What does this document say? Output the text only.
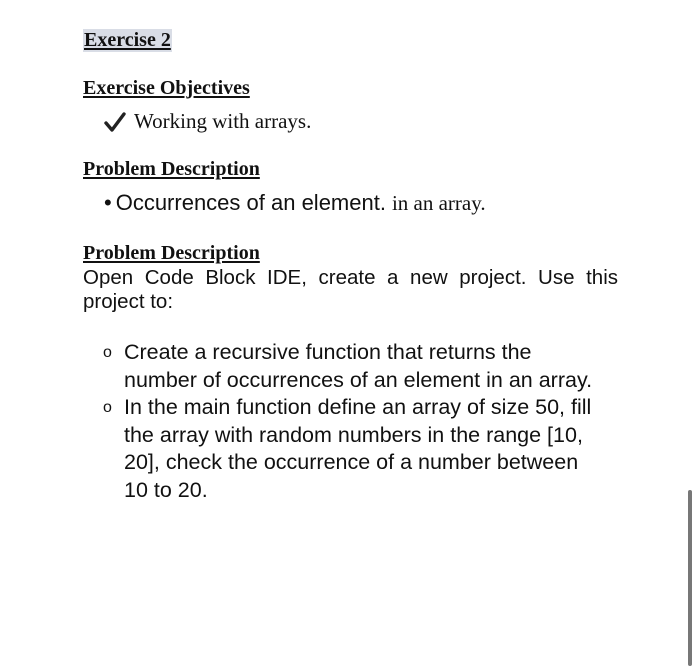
Exercise 2
Exercise Objectives
Working with arrays.
Problem Description
• Occurrences of an element. in an array.
Problem Description

Open Code Block IDE, create a new project. Use this project to:

o Create a recursive function that returns the number of occurrences of an element in an array.
o In the main function define an array of size 50, fill the array with random numbers in the range [10, 20], check the occurrence of a number between 10 to 20.
